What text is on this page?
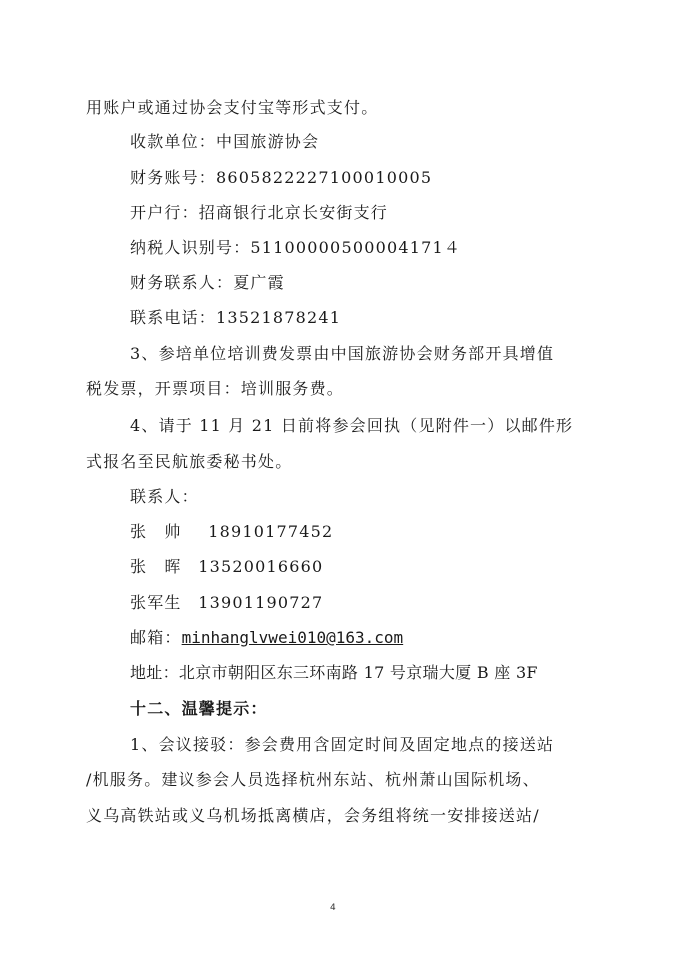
用账户或通过协会支付宝等形式支付。
收款单位：中国旅游协会
财务账号：8605822227100010005
开户行：招商银行北京长安街支行
纳税人识别号：51100000500004171４
财务联系人：夏广霞
联系电话：13521878241
3、参培单位培训费发票由中国旅游协会财务部开具增值
税发票，开票项目：培训服务费。
4、请于 11 月 21 日前将参会回执（见附件一）以邮件形
式报名至民航旅委秘书处。
联系人：
张　帅 18910177452
张　晖 13520016660
张军生 13901190727
邮箱：minhanglvwei010@163.com
地址：北京市朝阳区东三环南路 17 号京瑞大厦 B 座 3F
十二、温馨提示：
1、会议接驳：参会费用含固定时间及固定地点的接送站
/机服务。建议参会人员选择杭州东站、杭州萧山国际机场、
义乌高铁站或义乌机场抵离横店，会务组将统一安排接送站/
4
